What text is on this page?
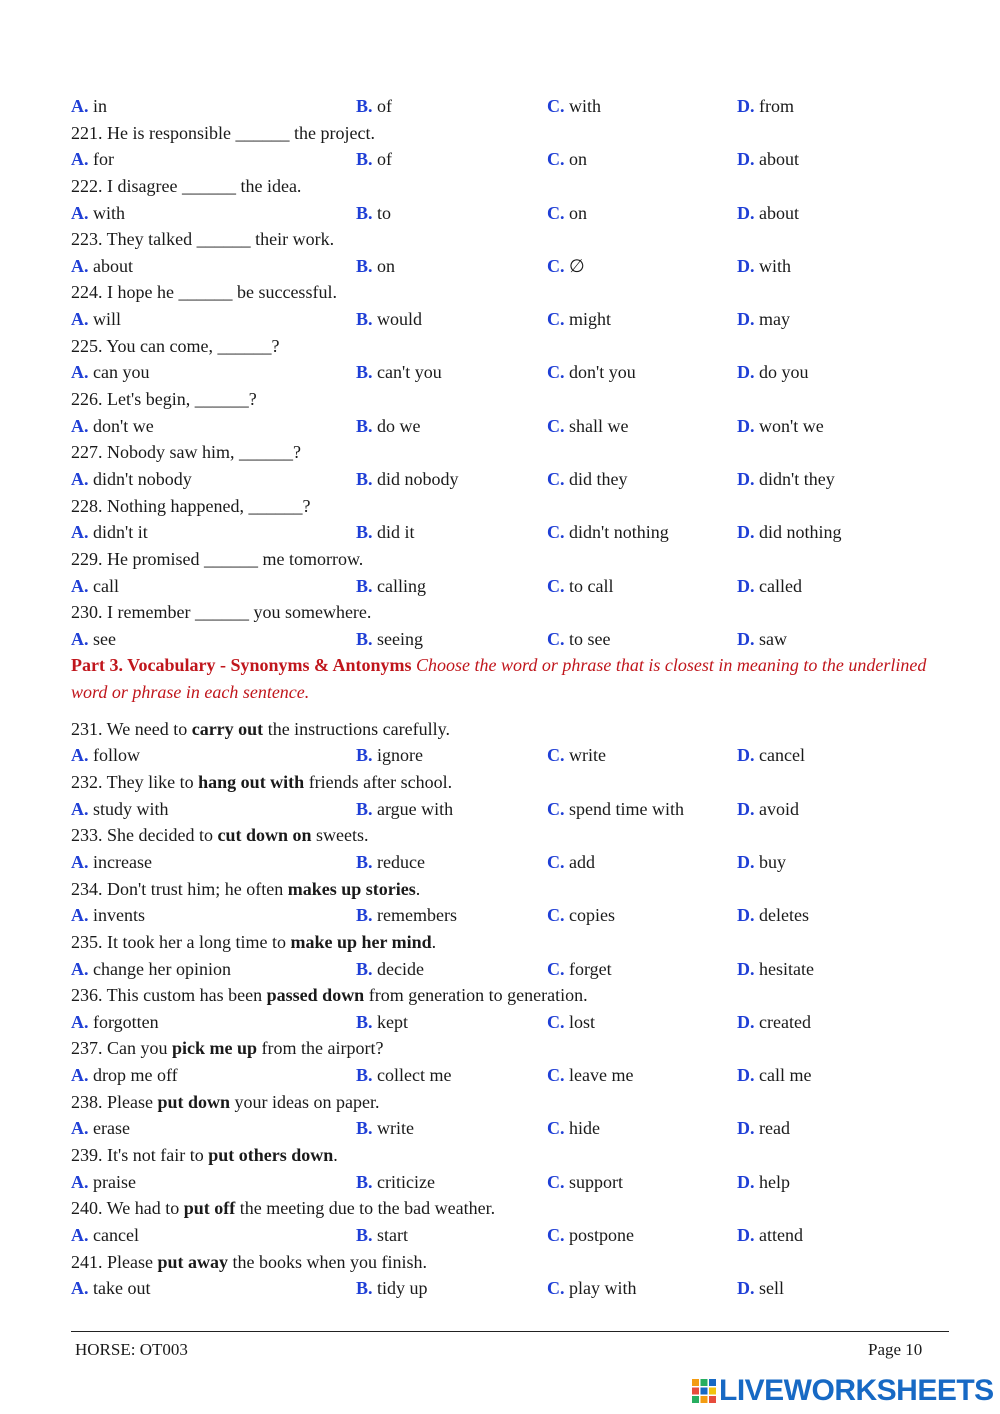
A. in	B. of	C. with	D. from
221. He is responsible ______ the project.
A. for	B. of	C. on	D. about
222. I disagree ______ the idea.
A. with	B. to	C. on	D. about
223. They talked ______ their work.
A. about	B. on	C. ∅	D. with
224. I hope he ______ be successful.
A. will	B. would	C. might	D. may
225. You can come, ______?
A. can you	B. can't you	C. don't you	D. do you
226. Let's begin, ______?
A. don't we	B. do we	C. shall we	D. won't we
227. Nobody saw him, ______?
A. didn't nobody	B. did nobody	C. did they	D. didn't they
228. Nothing happened, ______?
A. didn't it	B. did it	C. didn't nothing	D. did nothing
229. He promised ______ me tomorrow.
A. call	B. calling	C. to call	D. called
230. I remember ______ you somewhere.
A. see	B. seeing	C. to see	D. saw
Part 3. Vocabulary - Synonyms & Antonyms Choose the word or phrase that is closest in meaning to the underlined word or phrase in each sentence.
231. We need to carry out the instructions carefully.
A. follow	B. ignore	C. write	D. cancel
232. They like to hang out with friends after school.
A. study with	B. argue with	C. spend time with	D. avoid
233. She decided to cut down on sweets.
A. increase	B. reduce	C. add	D. buy
234. Don't trust him; he often makes up stories.
A. invents	B. remembers	C. copies	D. deletes
235. It took her a long time to make up her mind.
A. change her opinion	B. decide	C. forget	D. hesitate
236. This custom has been passed down from generation to generation.
A. forgotten	B. kept	C. lost	D. created
237. Can you pick me up from the airport?
A. drop me off	B. collect me	C. leave me	D. call me
238. Please put down your ideas on paper.
A. erase	B. write	C. hide	D. read
239. It's not fair to put others down.
A. praise	B. criticize	C. support	D. help
240. We had to put off the meeting due to the bad weather.
A. cancel	B. start	C. postpone	D. attend
241. Please put away the books when you finish.
A. take out	B. tidy up	C. play with	D. sell
HORSE: OT003	Page 10
LIVEWORKSHEETS
